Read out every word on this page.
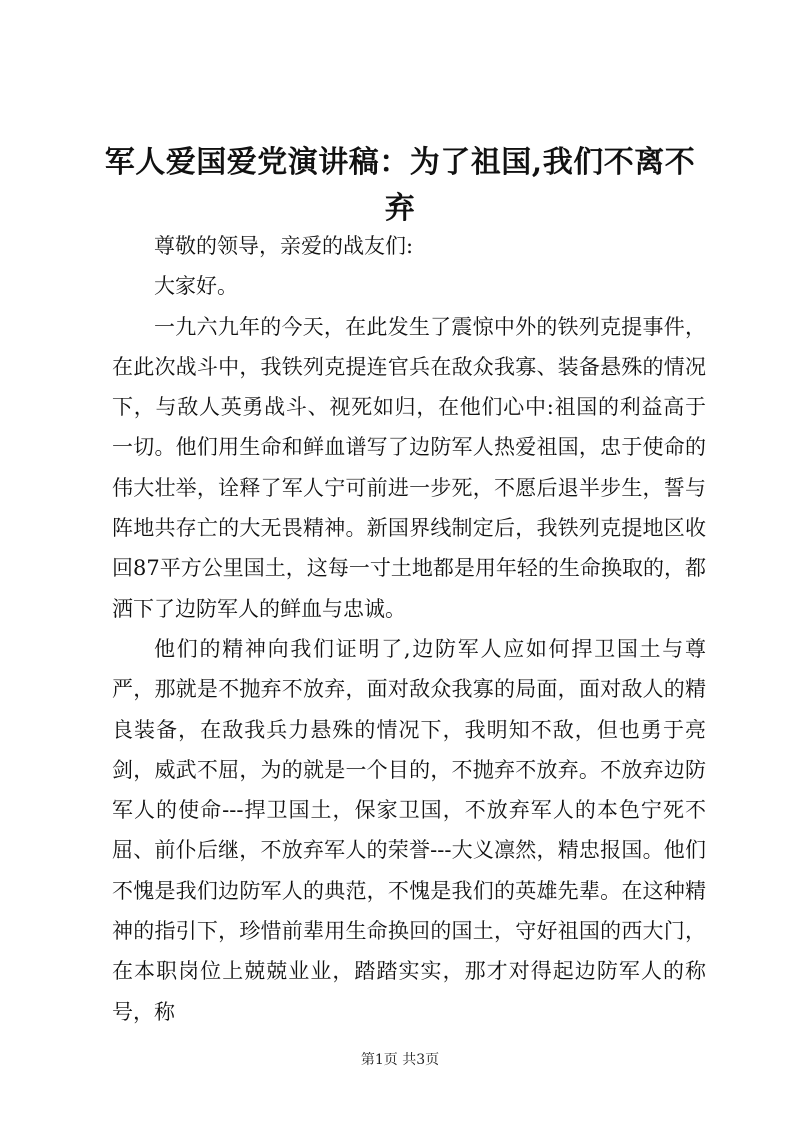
军人爱国爱党演讲稿：为了祖国,我们不离不弃

尊敬的领导，亲爱的战友们:

大家好。

一九六九年的今天，在此发生了震惊中外的铁列克提事件，在此次战斗中，我铁列克提连官兵在敌众我寡、装备悬殊的情况下，与敌人英勇战斗、视死如归，在他们心中:祖国的利益高于一切。他们用生命和鲜血谱写了边防军人热爱祖国，忠于使命的伟大壮举，诠释了军人宁可前进一步死，不愿后退半步生，誓与阵地共存亡的大无畏精神。新国界线制定后，我铁列克提地区收回87平方公里国土，这每一寸土地都是用年轻的生命换取的，都洒下了边防军人的鲜血与忠诚。

他们的精神向我们证明了,边防军人应如何捍卫国土与尊严，那就是不抛弃不放弃，面对敌众我寡的局面，面对敌人的精良装备，在敌我兵力悬殊的情况下，我明知不敌，但也勇于亮剑，威武不屈，为的就是一个目的，不抛弃不放弃。不放弃边防军人的使命---捍卫国土，保家卫国，不放弃军人的本色宁死不屈、前仆后继，不放弃军人的荣誉---大义凛然，精忠报国。他们不愧是我们边防军人的典范，不愧是我们的英雄先辈。在这种精神的指引下，珍惜前辈用生命换回的国土，守好祖国的西大门，在本职岗位上兢兢业业，踏踏实实，那才对得起边防军人的称号，称

第1页 共3页
